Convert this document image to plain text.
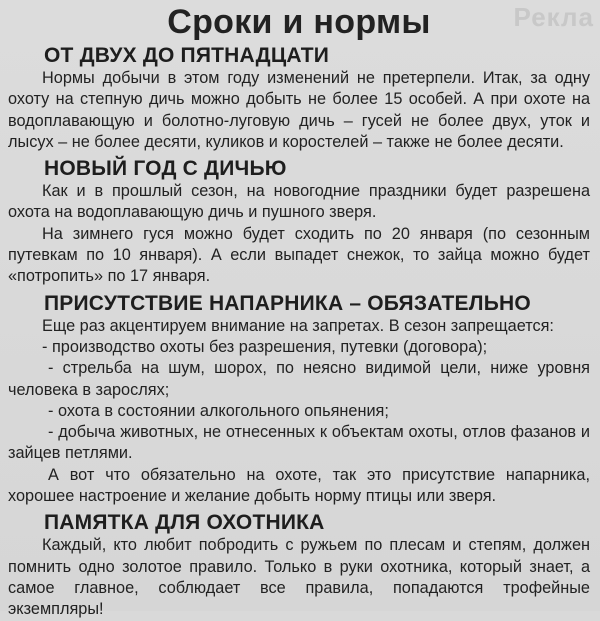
Рекла
Сроки и нормы
ОТ ДВУХ ДО ПЯТНАДЦАТИ

Нормы добычи в этом году изменений не претерпели. Итак, за одну охоту на степную дичь можно добыть не более 15 особей. А при охоте на водоплавающую и болотно-луговую дичь – гусей не более двух, уток и лысух – не более десяти, куликов и коростелей – также не более десяти.

НОВЫЙ ГОД С ДИЧЬЮ

Как и в прошлый сезон, на новогодние праздники будет разрешена охота на водоплавающую дичь и пушного зверя.

На зимнего гуся можно будет сходить по 20 января (по сезонным путевкам по 10 января). А если выпадет снежок, то зайца можно будет «потропить» по 17 января.

ПРИСУТСТВИЕ НАПАРНИКА – ОБЯЗАТЕЛЬНО

Еще раз акцентируем внимание на запретах. В сезон запрещается:

- производство охоты без разрешения, путевки (договора);

- стрельба на шум, шорох, по неясно видимой цели, ниже уровня человека в зарослях;

- охота в состоянии алкогольного опьянения;

- добыча животных, не отнесенных к объектам охоты, отлов фазанов и зайцев петлями.

А вот что обязательно на охоте, так это присутствие напарника, хорошее настроение и желание добыть норму птицы или зверя.

ПАМЯТКА ДЛЯ ОХОТНИКА

Каждый, кто любит побродить с ружьем по плесам и степям, должен помнить одно золотое правило. Только в руки охотника, который знает, а самое главное, соблюдает все правила, попадаются трофейные экземпляры!
